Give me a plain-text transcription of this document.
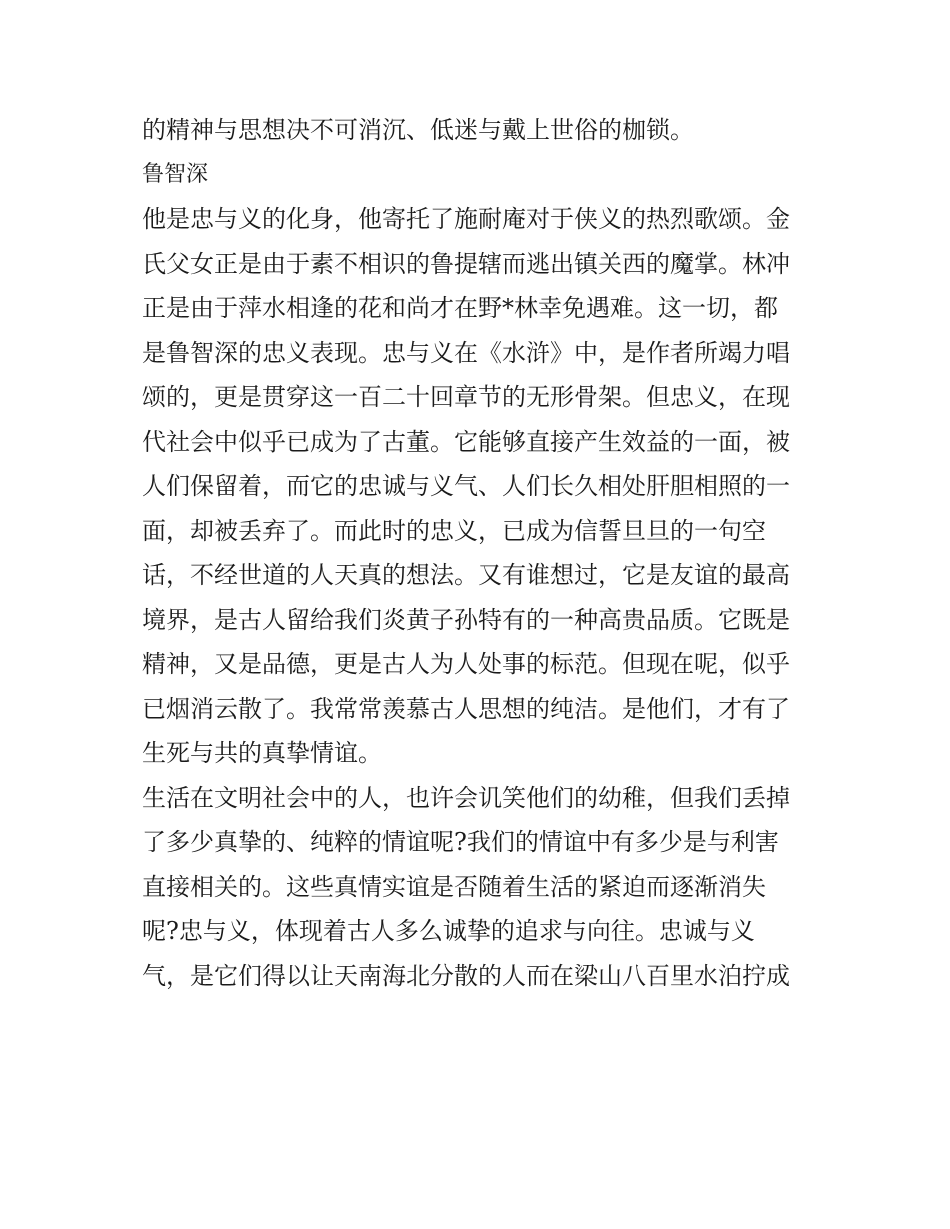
的精神与思想决不可消沉、低迷与戴上世俗的枷锁。
鲁智深
他是忠与义的化身，他寄托了施耐庵对于侠义的热烈歌颂。金
氏父女正是由于素不相识的鲁提辖而逃出镇关西的魔掌。林冲
正是由于萍水相逢的花和尚才在野*林幸免遇难。这一切，都
是鲁智深的忠义表现。忠与义在《水浒》中，是作者所竭力唱
颂的，更是贯穿这一百二十回章节的无形骨架。但忠义，在现
代社会中似乎已成为了古董。它能够直接产生效益的一面，被
人们保留着，而它的忠诚与义气、人们长久相处肝胆相照的一
面，却被丢弃了。而此时的忠义，已成为信誓旦旦的一句空
话，不经世道的人天真的想法。又有谁想过，它是友谊的最高
境界，是古人留给我们炎黄子孙特有的一种高贵品质。它既是
精神，又是品德，更是古人为人处事的标范。但现在呢，似乎
已烟消云散了。我常常羡慕古人思想的纯洁。是他们，才有了
生死与共的真挚情谊。
生活在文明社会中的人，也许会讥笑他们的幼稚，但我们丢掉
了多少真挚的、纯粹的情谊呢?我们的情谊中有多少是与利害
直接相关的。这些真情实谊是否随着生活的紧迫而逐渐消失
呢?忠与义，体现着古人多么诚挚的追求与向往。忠诚与义
气，是它们得以让天南海北分散的人而在梁山八百里水泊拧成
